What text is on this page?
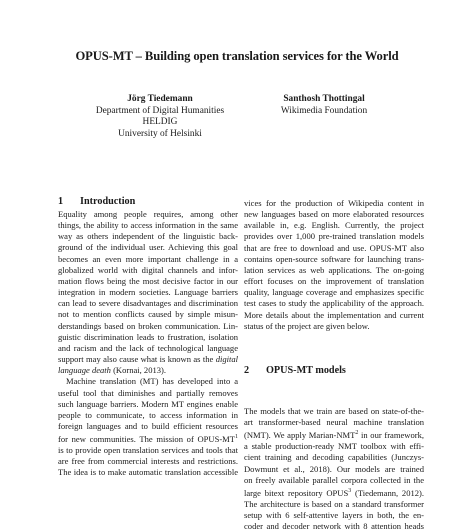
OPUS-MT – Building open translation services for the World
Jörg Tiedemann
Department of Digital Humanities
HELDIG
University of Helsinki
Santhosh Thottingal
Wikimedia Foundation
1 Introduction
Equality among people requires, among other
things, the ability to access information in the same
way as others independent of the linguistic back-
ground of the individual user. Achieving this goal
becomes an even more important challenge in a
globalized world with digital channels and infor-
mation flows being the most decisive factor in our
integration in modern societies. Language barriers
can lead to severe disadvantages and discrimination
not to mention conflicts caused by simple misun-
derstandings based on broken communication. Lin-
guistic discrimination leads to frustration, isolation
and racism and the lack of technological language
support may also cause what is known as the digital
language death (Kornai, 2013).
Machine translation (MT) has developed into a
useful tool that diminishes and partially removes
such language barriers. Modern MT engines enable
people to communicate, to access information in
foreign languages and to build efficient resources
for new communities. The mission of OPUS-$MT^1$
is to provide open translation services and tools that
are free from commercial interests and restrictions.
The idea is to make automatic translation accessible
vices for the production of Wikipedia content in
new languages based on more elaborated resources
available in, e.g. English. Currently, the project
provides over 1,000 pre-trained translation models
that are free to download and use. OPUS-MT also
contains open-source software for launching trans-
lation services as web applications. The on-going
effort focuses on the improvement of translation
quality, language coverage and emphasizes specific
test cases to study the applicability of the approach.
More details about the implementation and current
status of the project are given below.
2 OPUS-MT models
The models that we train are based on state-of-the-
art transformer-based neural machine translation
(NMT). We apply Marian-NMT$^2$ in our framework,
a stable production-ready NMT toolbox with effi-
cient training and decoding capabilities (Junczys-
Dowmunt et al., 2018). Our models are trained
on freely available parallel corpora collected in the
large bitext repository OPUS$^3$ (Tiedemann, 2012).
The architecture is based on a standard transformer
setup with 6 self-attentive layers in both, the en-
coder and decoder network with 8 attention heads
